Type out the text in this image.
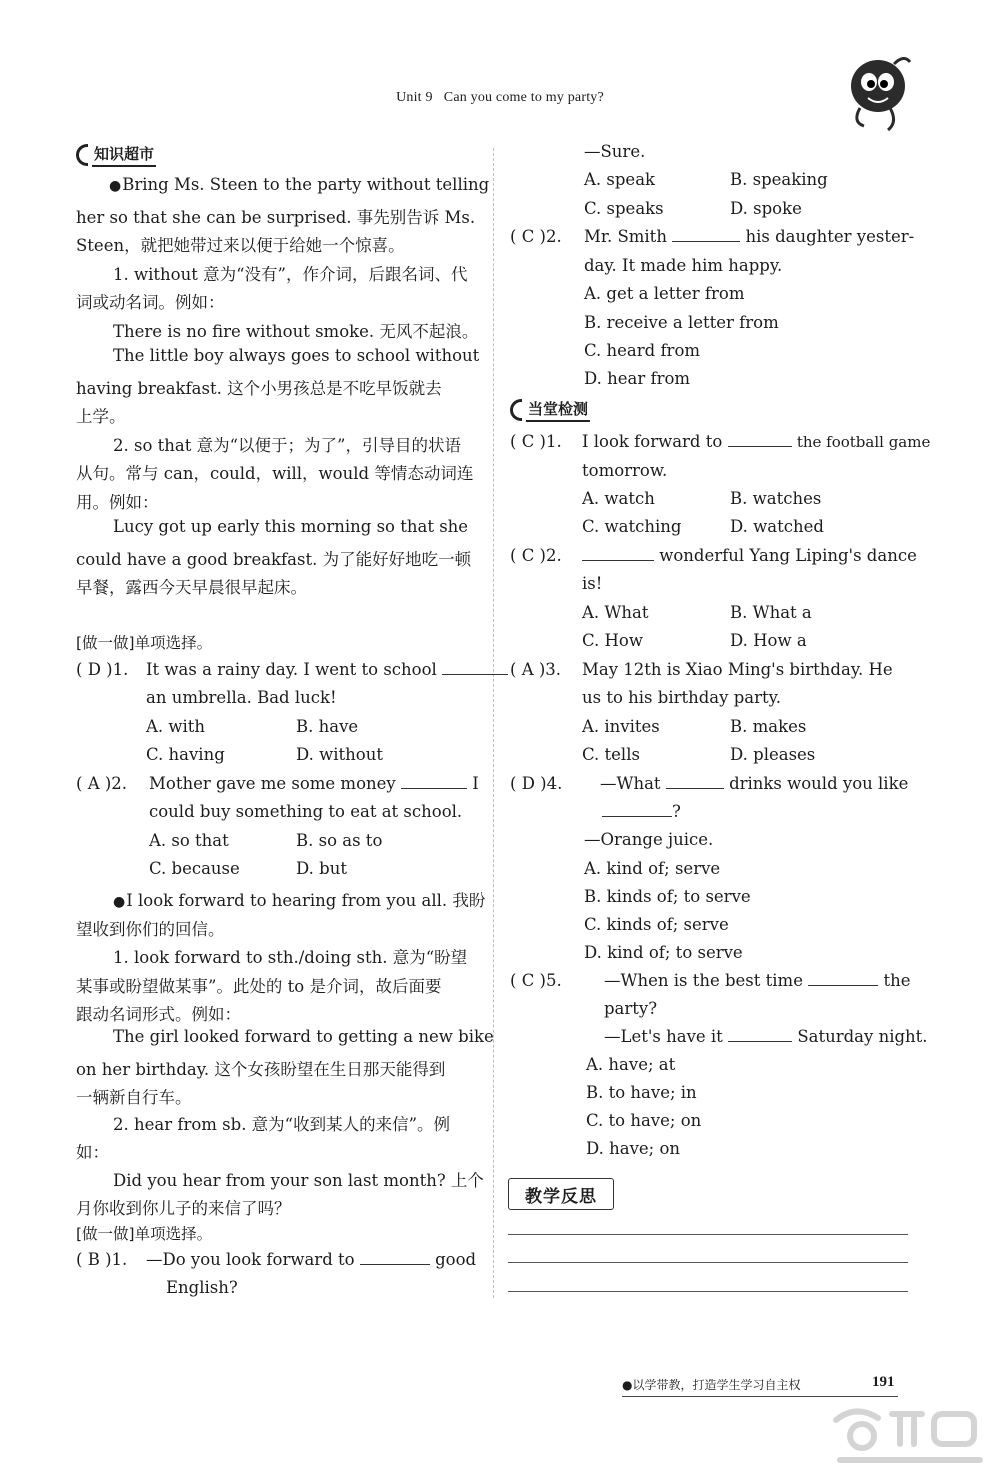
Unit 9 Can you come to my party?
知识超市
● Bring Ms. Steen to the party without telling
her so that she can be surprised. 事先别告诉 Ms.
Steen，就把她带过来以便于给她一个惊喜。
1. without 意为“没有”，作介词，后跟名词、代
词或动名词。例如：
There is no fire without smoke. 无风不起浪。
The little boy always goes to school without
having breakfast. 这个小男孩总是不吃早饭就去
上学。
2. so that 意为“以便于；为了”，引导目的状语
从句。常与 can，could，will，would 等情态动词连
用。例如：
Lucy got up early this morning so that she
could have a good breakfast. 为了能好好地吃一顿
早餐，露西今天早晨很早起床。
[做一做]单项选择。
( D )1. It was a rainy day. I went to school
an umbrella. Bad luck!
A. with	B. have
C. having	D. without
( A )2. Mother gave me some money	I
could buy something to eat at school.
A. so that	B. so as to
C. because	D. but
● I look forward to hearing from you all. 我盼
望收到你们的回信。
1. look forward to sth./doing sth. 意为“盼望
某事或盼望做某事”。此处的 to 是介词，故后面要
跟动名词形式。例如：
The girl looked forward to getting a new bike
on her birthday. 这个女孩盼望在生日那天能得到
一辆新自行车。
2. hear from sb. 意为“收到某人的来信”。例
如：
Did you hear from your son last month? 上个
月你收到你儿子的来信了吗？
[做一做]单项选择。
( B )1. —Do you look forward to	good
English?
—Sure.
A. speak	B. speaking
C. speaks	D. spoke
( C )2. Mr. Smith	his daughter yester-
day. It made him happy.
A. get a letter from
B. receive a letter from
C. heard from
D. hear from
当堂检测
( C )1. I look forward to	the football game
tomorrow.
A. watch	B. watches
C. watching	D. watched
( C )2.	wonderful Yang Liping's dance
is!
A. What	B. What a
C. How	D. How a
( A )3. May 12th is Xiao Ming's birthday. He
us to his birthday party.
A. invites	B. makes
C. tells	D. pleases
( D )4. —What	drinks would you like
?
—Orange juice.
A. kind of; serve
B. kinds of; to serve
C. kinds of; serve
D. kind of; to serve
( C )5.	—When is the best time	the
party?
—Let's have it	Saturday night.
A. have; at
B. to have; in
C. to have; on
D. have; on
教学反思
●以学带教，打造学生学习自主权	191
